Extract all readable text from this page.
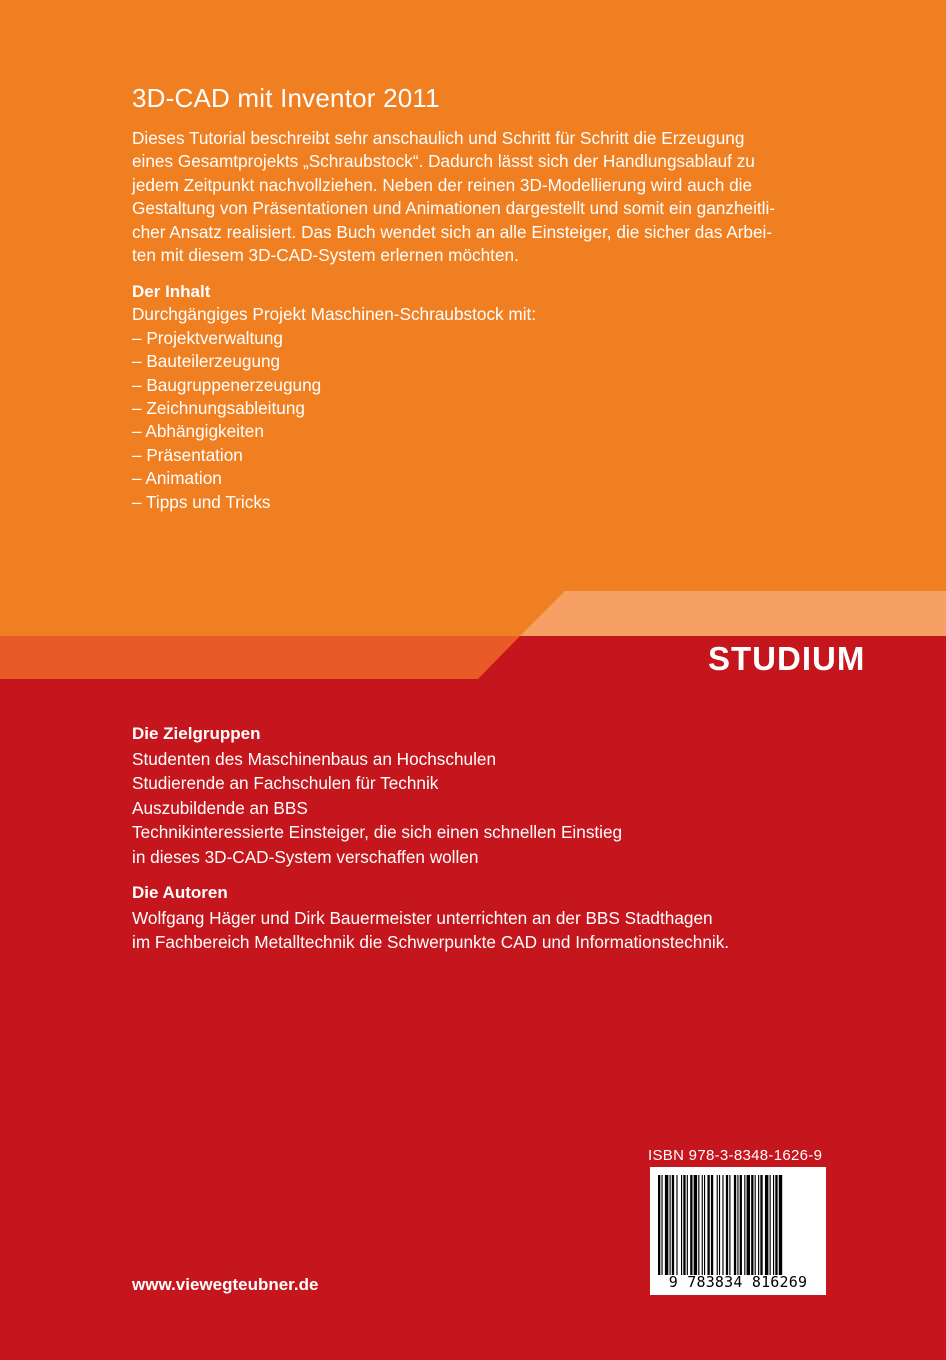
3D-CAD mit Inventor 2011
Dieses Tutorial beschreibt sehr anschaulich und Schritt für Schritt die Erzeugung
eines Gesamtprojekts „Schraubstock“. Dadurch lässt sich der Handlungsablauf zu
jedem Zeitpunkt nachvollziehen. Neben der reinen 3D-Modellierung wird auch die
Gestaltung von Präsentationen und Animationen dargestellt und somit ein ganzheitli-
cher Ansatz realisiert. Das Buch wendet sich an alle Einsteiger, die sicher das Arbei-
ten mit diesem 3D-CAD-System erlernen möchten.
Der Inhalt
Durchgängiges Projekt Maschinen-Schraubstock mit:
– Projektverwaltung
– Bauteilerzeugung
– Baugruppenerzeugung
– Zeichnungsableitung
– Abhängigkeiten
– Präsentation
– Animation
– Tipps und Tricks
STUDIUM
Die Zielgruppen
Studenten des Maschinenbaus an Hochschulen
Studierende an Fachschulen für Technik
Auszubildende an BBS
Technikinteressierte Einsteiger, die sich einen schnellen Einstieg
in dieses 3D-CAD-System verschaffen wollen
Die Autoren
Wolfgang Häger und Dirk Bauermeister unterrichten an der BBS Stadthagen
im Fachbereich Metalltechnik die Schwerpunkte CAD und Informationstechnik.
ISBN 978-3-8348-1626-9
9 783834 816269
www.viewegteubner.de
